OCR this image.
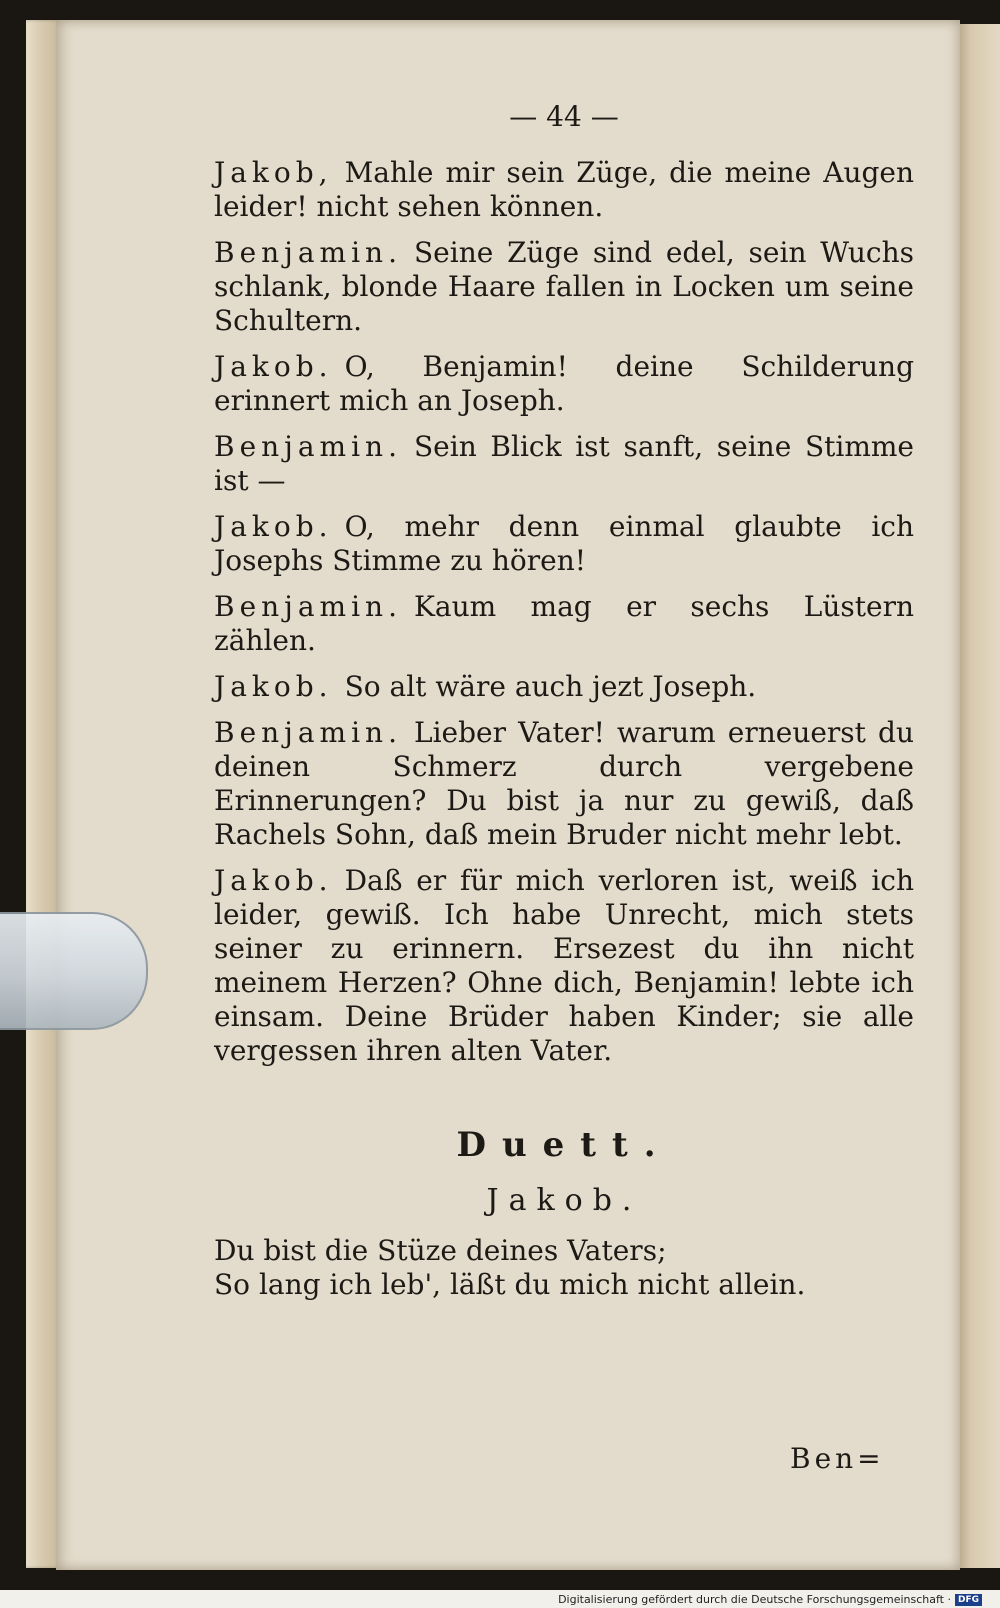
— 44 —

Jakob, Mahle mir sein Züge, die meine Augen leider! nicht sehen können.

Benjamin. Seine Züge sind edel, sein Wuchs schlank, blonde Haare fallen in Locken um seine Schultern.

Jakob. O, Benjamin! deine Schilderung erinnert mich an Joseph.

Benjamin. Sein Blick ist sanft, seine Stimme ist —

Jakob. O, mehr denn einmal glaubte ich Josephs Stimme zu hören!

Benjamin. Kaum mag er sechs Lüstern zählen.

Jakob. So alt wäre auch jezt Joseph.

Benjamin. Lieber Vater! warum erneuerst du deinen Schmerz durch vergebene Erinnerungen? Du bist ja nur zu gewiß, daß Rachels Sohn, daß mein Bruder nicht mehr lebt.

Jakob. Daß er für mich verloren ist, weiß ich leider, gewiß. Ich habe Unrecht, mich stets seiner zu erinnern. Ersezest du ihn nicht meinem Herzen? Ohne dich, Benjamin! lebte ich einsam. Deine Brüder haben Kinder; sie alle vergessen ihren alten Vater.

Duett.
Jakob.

Du bist die Stüze deines Vaters;

So lang ich leb', läßt du mich nicht allein.

Ben=
Digitalisierung gefördert durch die Deutsche Forschungsgemeinschaft · DFG
